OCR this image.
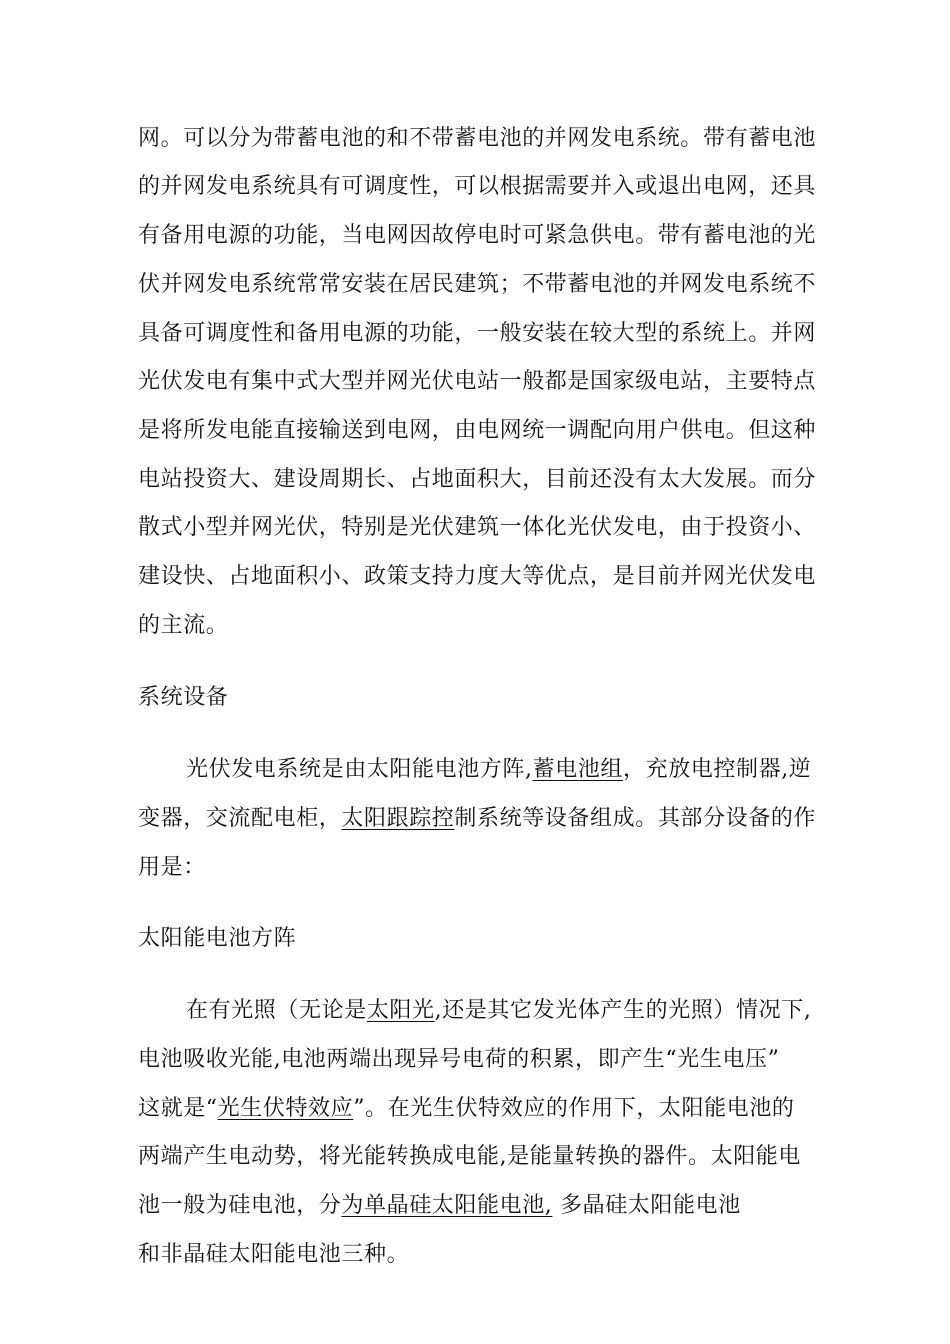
网。可以分为带蓄电池的和不带蓄电池的并网发电系统。带有蓄电池
的并网发电系统具有可调度性，可以根据需要并入或退出电网，还具
有备用电源的功能，当电网因故停电时可紧急供电。带有蓄电池的光
伏并网发电系统常常安装在居民建筑；不带蓄电池的并网发电系统不
具备可调度性和备用电源的功能，一般安装在较大型的系统上。并网
光伏发电有集中式大型并网光伏电站一般都是国家级电站，主要特点
是将所发电能直接输送到电网，由电网统一调配向用户供电。但这种
电站投资大、建设周期长、占地面积大，目前还没有太大发展。而分
散式小型并网光伏，特别是光伏建筑一体化光伏发电，由于投资小、
建设快、占地面积小、政策支持力度大等优点，是目前并网光伏发电
的主流。
系统设备
光伏发电系统是由太阳能电池方阵,蓄电池组，充放电控制器,逆
变器，交流配电柜，太阳跟踪控制系统等设备组成。其部分设备的作
用是：
太阳能电池方阵
在有光照（无论是太阳光,还是其它发光体产生的光照）情况下,
电池吸收光能,电池两端出现异号电荷的积累，即产生“光生电压”
这就是“光生伏特效应”。在光生伏特效应的作用下，太阳能电池的
两端产生电动势，将光能转换成电能,是能量转换的器件。太阳能电
池一般为硅电池，分为单晶硅太阳能电池, 多晶硅太阳能电池
和非晶硅太阳能电池三种。
